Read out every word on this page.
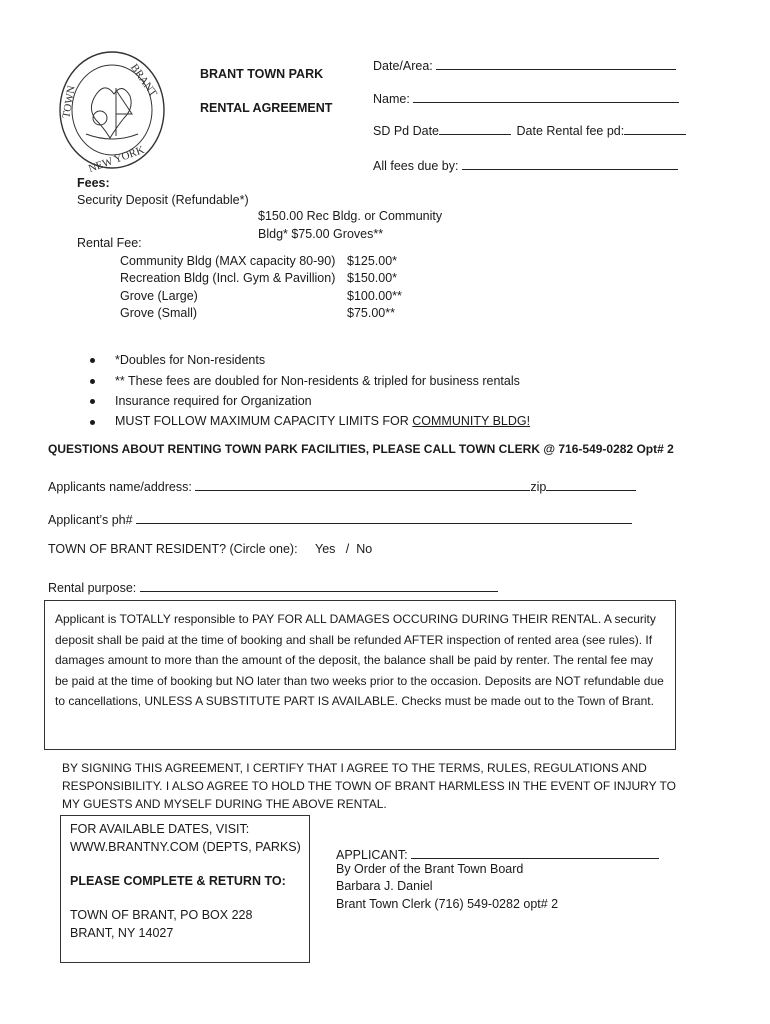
TOWN
BRANT
NEW YORK
BRANT TOWN PARK
RENTAL AGREEMENT
Date/Area:
Name:
SD Pd Date	Date Rental fee pd:
All fees due by:
Fees:
Security Deposit (Refundable*)
$150.00 Rec Bldg. or Community
Bldg* $75.00 Groves**
Rental Fee:
Community Bldg (MAX capacity 80-90) $125.00*
Recreation Bldg (Incl. Gym & Pavillion) $150.00*
Grove (Large)	$100.00**
Grove (Small)	$75.00**
*Doubles for Non-residents
** These fees are doubled for Non-residents & tripled for business rentals
Insurance required for Organization
MUST FOLLOW MAXIMUM CAPACITY LIMITS FOR COMMUNITY BLDG!
QUESTIONS ABOUT RENTING TOWN PARK FACILITIES, PLEASE CALL TOWN CLERK @ 716-549-0282 Opt# 2
Applicants name/address:	zip
Applicant’s ph#
TOWN OF BRANT RESIDENT? (Circle one): Yes   /  No
Rental purpose:
Applicant is TOTALLY responsible to PAY FOR ALL DAMAGES OCCURING DURING THEIR RENTAL. A security deposit shall be paid at the time of booking and shall be refunded AFTER inspection of rented area (see rules). If damages amount to more than the amount of the deposit, the balance shall be paid by renter. The rental fee may be paid at the time of booking but NO later than two weeks prior to the occasion. Deposits are NOT refundable due to cancellations, UNLESS A SUBSTITUTE PART IS AVAILABLE. Checks must be made out to the Town of Brant.
BY SIGNING THIS AGREEMENT, I CERTIFY THAT I AGREE TO THE TERMS, RULES, REGULATIONS AND RESPONSIBILITY. I ALSO AGREE TO HOLD THE TOWN OF BRANT HARMLESS IN THE EVENT OF INJURY TO MY GUESTS AND MYSELF DURING THE ABOVE RENTAL.
FOR AVAILABLE DATES, VISIT:
WWW.BRANTNY.COM (DEPTS, PARKS)
PLEASE COMPLETE & RETURN TO:
TOWN OF BRANT, PO BOX 228
BRANT, NY 14027
APPLICANT:
By Order of the Brant Town Board
Barbara J. Daniel
Brant Town Clerk (716) 549-0282 opt# 2
